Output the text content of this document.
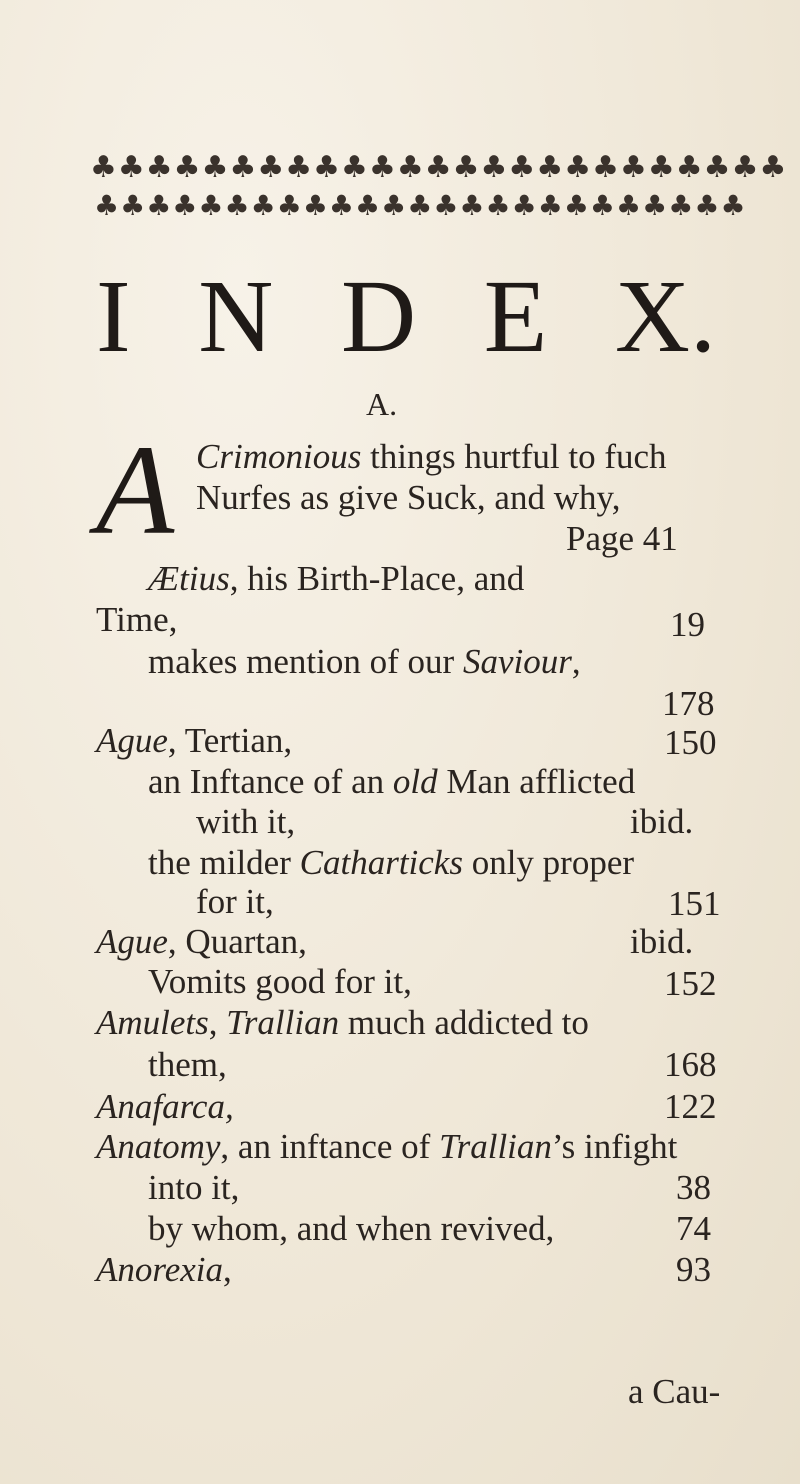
♣♣♣♣♣♣♣♣♣♣♣♣♣♣♣♣♣♣♣♣♣♣♣♣♣
♣♣♣♣♣♣♣♣♣♣♣♣♣♣♣♣♣♣♣♣♣♣♣♣♣
I N D E X.
A.
A Crimonious things hurtful to fuch
Nurfes as give Suck, and why,
Page 41
Ætius, his Birth-Place, and
Time,	19
makes mention of our Saviour,
178
Ague, Tertian,	150
an Inftance of an old Man afflicted
with it,	ibid.
the milder Catharticks only proper
for it,	151
Ague, Quartan,	ibid.
Vomits good for it,	152
Amulets, Trallian much addicted to
them,	168
Anafarca,	122
Anatomy, an inftance of Trallian’s infight
into it,	38
by whom, and when revived,	74
Anorexia,	93
a Cau-
